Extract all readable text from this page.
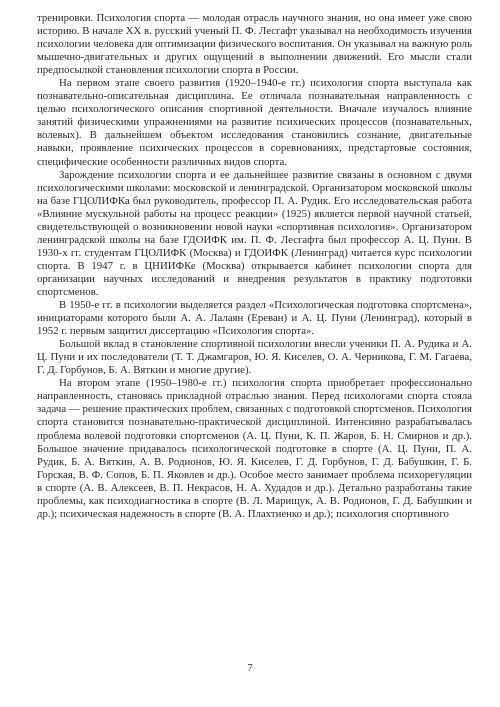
тренировки. Психология спорта — молодая отрасль научного знания, но она имеет уже свою историю. В начале XX в. русский ученый П. Ф. Лесгафт указывал на необходимость изучения психологии человека для оптимизации физического воспитания. Он указывал на важную роль мышечно-двигательных и других ощущений в выполнении движений. Его мысли стали предпосылкой становления психологии спорта в России.

На первом этапе своего развития (1920–1940-е гг.) психология спорта выступала как познавательно-описательная дисциплина. Ее отличала познавательная направленность с целью психологического описания спортивной деятельности. Вначале изучалось влияние занятий физическими упражнениями на развитие психических процессов (познавательных, волевых). В дальнейшем объектом исследования становились сознание, двигательные навыки, проявление психических процессов в соревнованиях, предстартовые состояния, специфические особенности различных видов спорта.

Зарождение психологии спорта и ее дальнейшее развитие связаны в основном с двумя психологическими школами: московской и ленинградской. Организатором московской школы на базе ГЦОЛИФКа был руководитель, профессор П. А. Рудик. Его исследовательская работа «Влияние мускульной работы на процесс реакции» (1925) является первой научной статьей, свидетельствующей о возникновении новой науки «спортивная психология». Организатором ленинградской школы на базе ГДОИФК им. П. Ф. Лесгафта был профессор А. Ц. Пуни. В 1930-х гг. студентам ГЦОЛИФК (Москва) и ГДОИФК (Ленинград) читается курс психологии спорта. В 1947 г. в ЦНИИФКе (Москва) открывается кабинет психологии спорта для организации научных исследований и внедрения результатов в практику подготовки спортсменов.

В 1950-е гг. в психологии выделяется раздел «Психологическая подготовка спортсмена», инициаторами которого были А. А. Лалаян (Ереван) и А. Ц. Пуни (Ленинград), который в 1952 г. первым защитил диссертацию «Психология спорта».

Большой вклад в становление спортивной психологии внесли ученики П. А. Рудика и А. Ц. Пуни и их последователи (Т. Т. Джамгаров, Ю. Я. Киселев, О. А. Черникова, Г. М. Гагаева, Г. Д. Горбунов, Б. А. Вяткин и многие другие).

На втором этапе (1950–1980-е гг.) психология спорта приобретает профессионально направленность, становясь прикладной отраслью знания. Перед психологами спорта стояла задача — решение практических проблем, связанных с подготовкой спортсменов. Психология спорта становится познавательно-практической дисциплиной. Интенсивно разрабатывалась проблема волевой подготовки спортсменов (А. Ц. Пуни, К. П. Жаров, Б. Н. Смирнов и др.). Большое значение придавалось психологической подготовке в спорте (А. Ц. Пуни, П. А. Рудик, Б. А. Вяткин, А. В. Родионов, Ю. Я. Киселев, Г. Д. Горбунов, Г. Д. Бабушкин, Г. Б. Горская, В. Ф. Сопов, Б. П. Яковлев и др.). Особое место занимает проблема психорегуляции в спорте (А. В. Алексеев, В. П. Некрасов, Н. А. Худадов и др.). Детально разработаны такие проблемы, как психодиагностика в спорте (В. Л. Марищук, А. В. Родионов, Г. Д. Бабушкин и др.); психическая надежность в спорте (В. А. Плахтиенко и др.); психология спортивного

7
